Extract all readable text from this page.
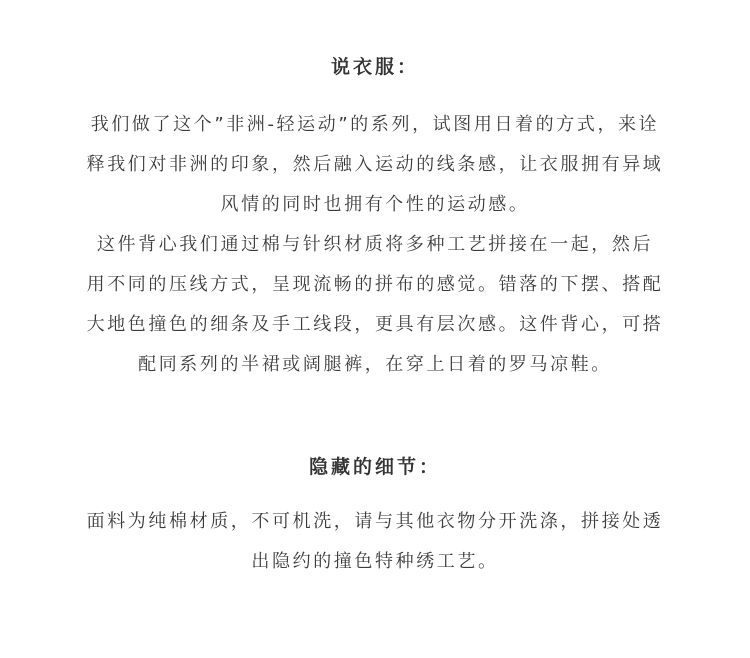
说衣服：
我们做了这个”非洲-轻运动”的系列，试图用日着的方式，来诠
释我们对非洲的印象，然后融入运动的线条感，让衣服拥有异域
风情的同时也拥有个性的运动感。
这件背心我们通过棉与针织材质将多种工艺拼接在一起，然后
用不同的压线方式，呈现流畅的拼布的感觉。错落的下摆、搭配
大地色撞色的细条及手工线段，更具有层次感。这件背心，可搭
配同系列的半裙或阔腿裤，在穿上日着的罗马凉鞋。
隐藏的细节：
面料为纯棉材质，不可机洗，请与其他衣物分开洗涤，拼接处透
出隐约的撞色特种绣工艺。
